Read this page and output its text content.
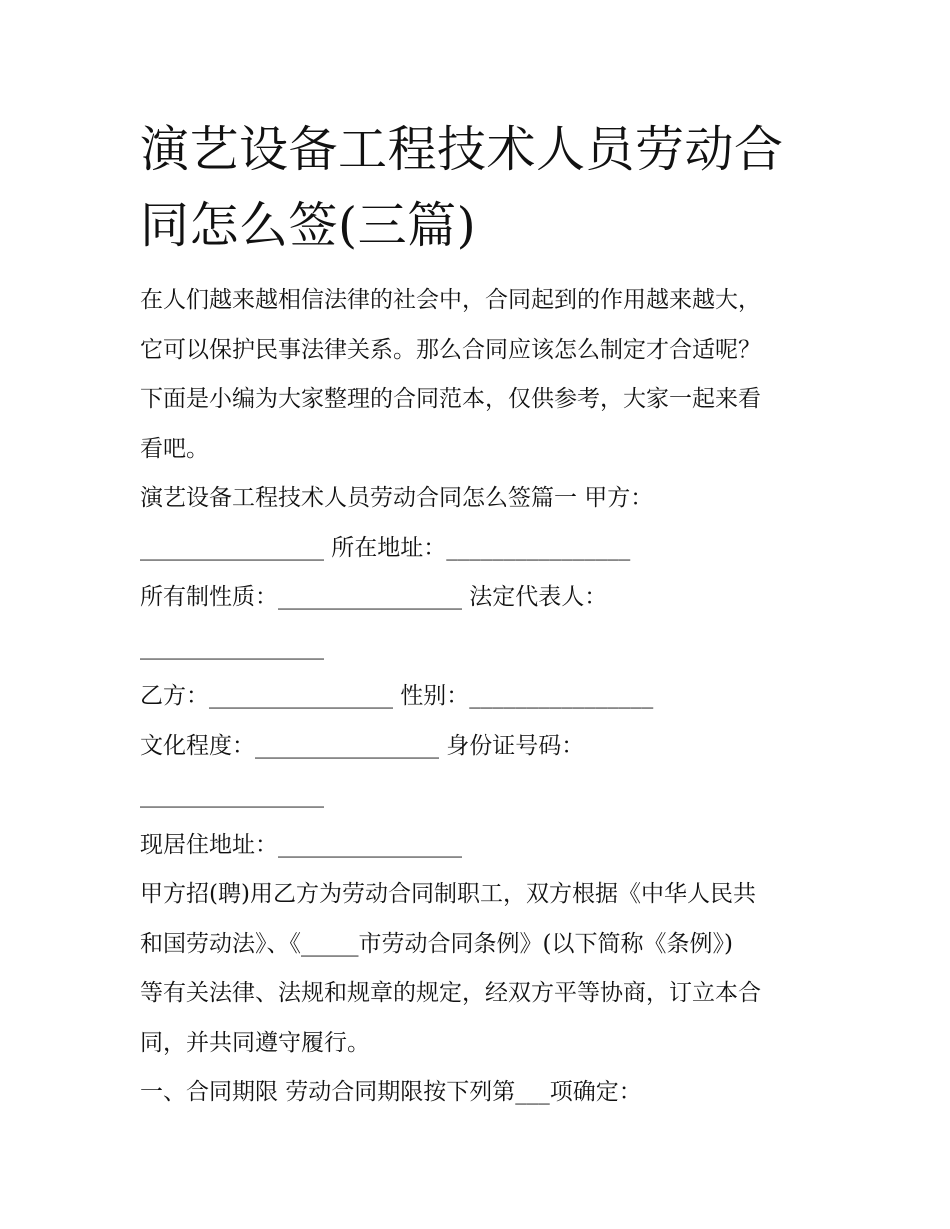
演艺设备工程技术人员劳动合
同怎么签(三篇)
在人们越来越相信法律的社会中，合同起到的作用越来越大，
它可以保护民事法律关系。那么合同应该怎么制定才合适呢？
下面是小编为大家整理的合同范本，仅供参考，大家一起来看
看吧。
演艺设备工程技术人员劳动合同怎么签篇一 甲方：
________________ 所在地址：________________
所有制性质：________________ 法定代表人：
________________
乙方：________________ 性别：________________
文化程度：________________ 身份证号码：
________________
现居住地址：________________
甲方招(聘)用乙方为劳动合同制职工，双方根据《中华人民共
和国劳动法》、《_____市劳动合同条例》(以下简称《条例》)
等有关法律、法规和规章的规定，经双方平等协商，订立本合
同，并共同遵守履行。
一、合同期限 劳动合同期限按下列第___项确定：
